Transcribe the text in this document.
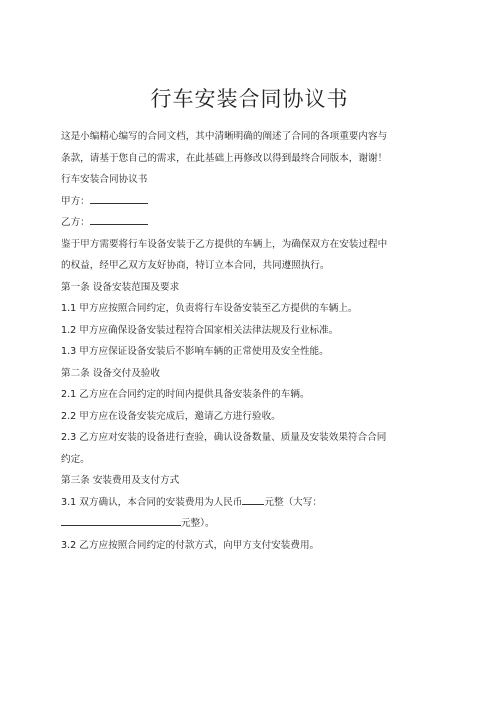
行车安装合同协议书
这是小编精心编写的合同文档，其中清晰明确的阐述了合同的各项重要内容与
条款，请基于您自己的需求，在此基础上再修改以得到最终合同版本，谢谢！
行车安装合同协议书
甲方：
乙方：
鉴于甲方需要将行车设备安装于乙方提供的车辆上，为确保双方在安装过程中
的权益，经甲乙双方友好协商，特订立本合同，共同遵照执行。
第一条 设备安装范围及要求
1.1 甲方应按照合同约定，负责将行车设备安装至乙方提供的车辆上。
1.2 甲方应确保设备安装过程符合国家相关法律法规及行业标准。
1.3 甲方应保证设备安装后不影响车辆的正常使用及安全性能。
第二条 设备交付及验收
2.1 乙方应在合同约定的时间内提供具备安装条件的车辆。
2.2 甲方应在设备安装完成后，邀请乙方进行验收。
2.3 乙方应对安装的设备进行查验，确认设备数量、质量及安装效果符合合同
约定。
第三条 安装费用及支付方式
3.1 双方确认，本合同的安装费用为人民币 元整（大写：
元整）。
3.2 乙方应按照合同约定的付款方式，向甲方支付安装费用。
